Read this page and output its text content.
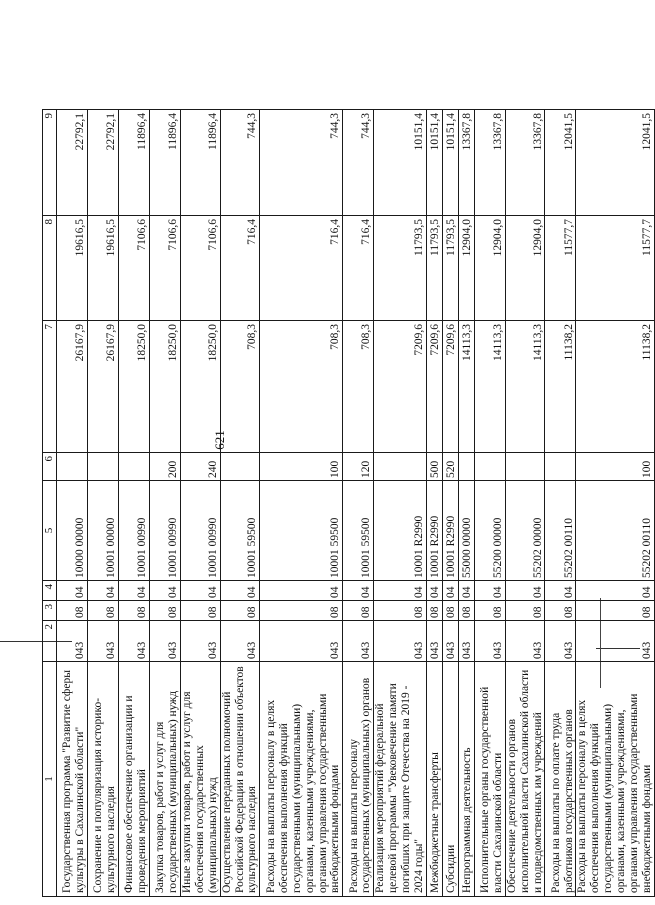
621
1	2	3	4	5	6	7	8	9
Государственная программа "Развитие сферы культуры в Сахалинской области"	043	08	04	10000 00000		26167,9	19616,5	22792,1
Сохранение и популяризация историко-культурного наследия	043	08	04	10001 00000		26167,9	19616,5	22792,1
Финансовое обеспечение организации и проведения мероприятий	043	08	04	10001 00990		18250,0	7106,6	11896,4
Закупка товаров, работ и услуг для государственных (муниципальных) нужд	043	08	04	10001 00990	200	18250,0	7106,6	11896,4
Иные закупки товаров, работ и услуг для обеспечения государственных (муниципальных) нужд	043	08	04	10001 00990	240	18250,0	7106,6	11896,4
Осуществление переданных полномочий Российской Федерации в отношении объектов культурного наследия	043	08	04	10001 59500		708,3	716,4	744,3
Расходы на выплаты персоналу в целях обеспечения выполнения функций государственными (муниципальными) органами, казенными учреждениями, органами управления государственными внебюджетными фондами	043	08	04	10001 59500	100	708,3	716,4	744,3
Расходы на выплаты персоналу государственных (муниципальных) органов	043	08	04	10001 59500	120	708,3	716,4	744,3
Реализация мероприятий федеральной целевой программы "Увековечение памяти погибших при защите Отечества на 2019 - 2024 годы"	043	08	04	10001 R2990		7209,6	11793,5	10151,4
Межбюджетные трансферты	043	08	04	10001 R2990	500	7209,6	11793,5	10151,4
Субсидии	043	08	04	10001 R2990	520	7209,6	11793,5	10151,4
Непрограммная деятельность	043	08	04	55000 00000		14113,3	12904,0	13367,8
Исполнительные органы государственной власти Сахалинской области	043	08	04	55200 00000		14113,3	12904,0	13367,8
Обеспечение деятельности органов исполнительной власти Сахалинской области и подведомственных им учреждений	043	08	04	55202 00000		14113,3	12904,0	13367,8
Расходы на выплаты по оплате труда работников государственных органов	043	08	04	55202 00110		11138,2	11577,7	12041,5
Расходы на выплаты персоналу в целях обеспечения выполнения функций государственными (муниципальными) органами, казенными учреждениями, органами управления государственными внебюджетными фондами	043	08	04	55202 00110	100	11138,2	11577,7	12041,5
